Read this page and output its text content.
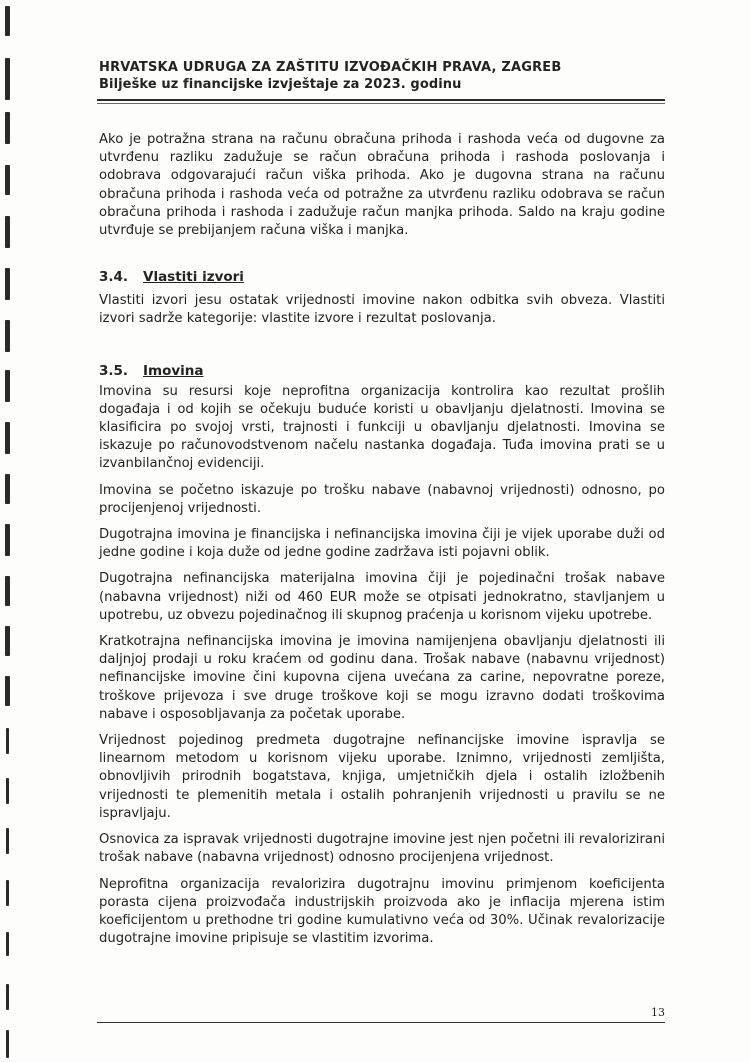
HRVATSKA UDRUGA ZA ZAŠTITU IZVOĐAČKIH PRAVA, ZAGREB
Bilješke uz financijske izvještaje za 2023. godinu

Ako je potražna strana na računu obračuna prihoda i rashoda veća od dugovne za utvrđenu razliku zadužuje se račun obračuna prihoda i rashoda poslovanja i odobrava odgovarajući račun viška prihoda. Ako je dugovna strana na računu obračuna prihoda i rashoda veća od potražne za utvrđenu razliku odobrava se račun obračuna prihoda i rashoda i zadužuje račun manjka prihoda. Saldo na kraju godine utvrđuje se prebijanjem računa viška i manjka.

3.4.	Vlastiti izvori

Vlastiti izvori jesu ostatak vrijednosti imovine nakon odbitka svih obveza. Vlastiti izvori sadrže kategorije: vlastite izvore i rezultat poslovanja.

3.5.	Imovina

Imovina su resursi koje neprofitna organizacija kontrolira kao rezultat prošlih događaja i od kojih se očekuju buduće koristi u obavljanju djelatnosti. Imovina se klasificira po svojoj vrsti, trajnosti i funkciji u obavljanju djelatnosti. Imovina se iskazuje po računovodstvenom načelu nastanka događaja. Tuđa imovina prati se u izvanbilančnoj evidenciji.

Imovina se početno iskazuje po trošku nabave (nabavnoj vrijednosti) odnosno, po procijenjenoj vrijednosti.

Dugotrajna imovina je financijska i nefinancijska imovina čiji je vijek uporabe duži od jedne godine i koja duže od jedne godine zadržava isti pojavni oblik.

Dugotrajna nefinancijska materijalna imovina čiji je pojedinačni trošak nabave (nabavna vrijednost) niži od 460 EUR može se otpisati jednokratno, stavljanjem u upotrebu, uz obvezu pojedinačnog ili skupnog praćenja u korisnom vijeku upotrebe.

Kratkotrajna nefinancijska imovina je imovina namijenjena obavljanju djelatnosti ili daljnjoj prodaji u roku kraćem od godinu dana. Trošak nabave (nabavnu vrijednost) nefinancijske imovine čini kupovna cijena uvećana za carine, nepovratne poreze, troškove prijevoza i sve druge troškove koji se mogu izravno dodati troškovima nabave i osposobljavanja za početak uporabe.

Vrijednost pojedinog predmeta dugotrajne nefinancijske imovine ispravlja se linearnom metodom u korisnom vijeku uporabe. Iznimno, vrijednosti zemljišta, obnovljivih prirodnih bogatstava, knjiga, umjetničkih djela i ostalih izložbenih vrijednosti te plemenitih metala i ostalih pohranjenih vrijednosti u pravilu se ne ispravljaju.

Osnovica za ispravak vrijednosti dugotrajne imovine jest njen početni ili revalorizirani trošak nabave (nabavna vrijednost) odnosno procijenjena vrijednost.

Neprofitna organizacija revalorizira dugotrajnu imovinu primjenom koeficijenta porasta cijena proizvođača industrijskih proizvoda ako je inflacija mjerena istim koeficijentom u prethodne tri godine kumulativno veća od 30%. Učinak revalorizacije dugotrajne imovine pripisuje se vlastitim izvorima.

13
